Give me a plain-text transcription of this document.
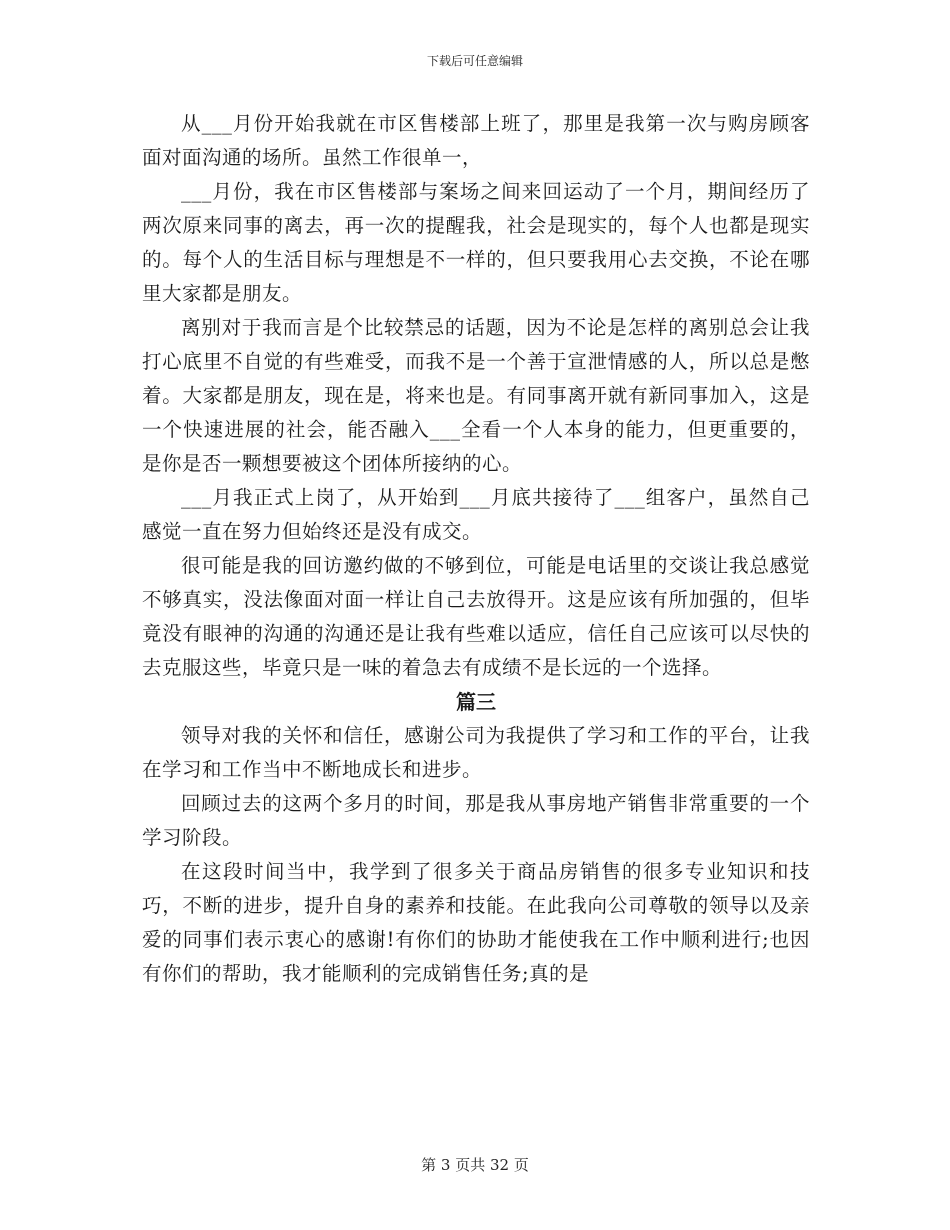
下载后可任意编辑

从___月份开始我就在市区售楼部上班了，那里是我第一次与购房顾客面对面沟通的场所。虽然工作很单一，

___月份，我在市区售楼部与案场之间来回运动了一个月，期间经历了两次原来同事的离去，再一次的提醒我，社会是现实的，每个人也都是现实的。每个人的生活目标与理想是不一样的，但只要我用心去交换，不论在哪里大家都是朋友。

离别对于我而言是个比较禁忌的话题，因为不论是怎样的离别总会让我打心底里不自觉的有些难受，而我不是一个善于宣泄情感的人，所以总是憋着。大家都是朋友，现在是，将来也是。有同事离开就有新同事加入，这是一个快速进展的社会，能否融入___全看一个人本身的能力，但更重要的，是你是否一颗想要被这个团体所接纳的心。

___月我正式上岗了，从开始到___月底共接待了___组客户，虽然自己感觉一直在努力但始终还是没有成交。

很可能是我的回访邀约做的不够到位，可能是电话里的交谈让我总感觉不够真实，没法像面对面一样让自己去放得开。这是应该有所加强的，但毕竟没有眼神的沟通的沟通还是让我有些难以适应，信任自己应该可以尽快的去克服这些，毕竟只是一味的着急去有成绩不是长远的一个选择。

篇三

领导对我的关怀和信任，感谢公司为我提供了学习和工作的平台，让我在学习和工作当中不断地成长和进步。

回顾过去的这两个多月的时间，那是我从事房地产销售非常重要的一个学习阶段。

在这段时间当中，我学到了很多关于商品房销售的很多专业知识和技巧，不断的进步，提升自身的素养和技能。在此我向公司尊敬的领导以及亲爱的同事们表示衷心的感谢!有你们的协助才能使我在工作中顺利进行;也因有你们的帮助，我才能顺利的完成销售任务;真的是

第 3 页共 32 页
